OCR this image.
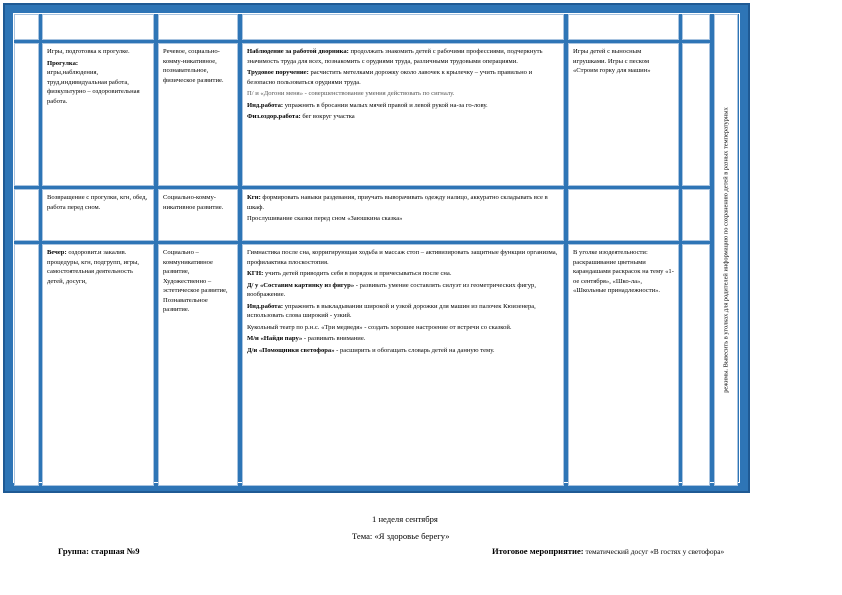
Игры, подготовка к прогулке.

Прогулка:
игры,наблюдения, труд,индивидуальная работа, физкультурно – оздоровительная работа.

Речевое, социально-комму-никативное, познавательное, физическое развитие.

Наблюдение за работой дворника: продолжать знакомить детей с рабочими профессиями, подчеркнуть значимость труда для всех, познакомить с орудиями труда, различными трудовыми операциями.

Трудовое поручение: расчистить метелками дорожку около лавочек к крылечку – учить правильно и безопасно пользоваться орудиями труда.

П/ и «Догони меня» - совершенствование умения действовать по сигналу.

Инд.работа: упражнять в бросании малых мячей правой и левой рукой на-за го-лову.

Физ.оздор.работа: бег вокруг участка

Игры детей с выносным игрушками. Игры с песком «Строим горку для машин»
Возвращение с прогулки, кгн, обед, работа перед сном.
Социально-комму-никативное развитие.

Кгн: формировать навыки раздевания, приучать выворачивать одежду налицо, аккуратно складывать все в шкаф.

Прослушивание сказки перед сном «Заюшкина сказка»

Вечер: оздоровит.и закалив. процедуры, кгн, подгрупп, игры, самостоятельная деятельность детей, досуги,
Социально – коммуникативное развитие, Художественно – эстетическое развитие, Познавательное развитие.

Гимнастика после сна, корригирующая ходьба и массаж стоп – активизировать защитные функции организма, профилактика плоскостопия.

КГН: учить детей приводить себя в порядок и причесываться после сна.

Д/ у «Составим картинку из фигур» - развивать умение составлять силуэт из геометрических фигур, воображение.

Инд.работа: упражнять в выкладывании широкой и узкой дорожки для машин из палочек Кюизенера, использовать слова широкий - узкий.

Кукольный театр по р.н.с. «Три медведя» - создать хорошее настроение от встречи со сказкой.

М/и «Найди пару» - развивать внимание.

Д/и «Помощники светофора» - расширить и обогащать словарь детей на данную тему.

В уголке изодеятельности: раскрашивание цветными карандашами раскрасок на тему «1-ое сентября», «Шко-ла», «Школьные принадлежности».	режимы. Вывесить в уголках для родителей информацию по сохранению детей в разных температурных
1 неделя сентября
Тема: «Я здоровье берегу»
Группа: старшая №9	Итоговое мероприятие: тематический досуг «В гостях у светофора»
